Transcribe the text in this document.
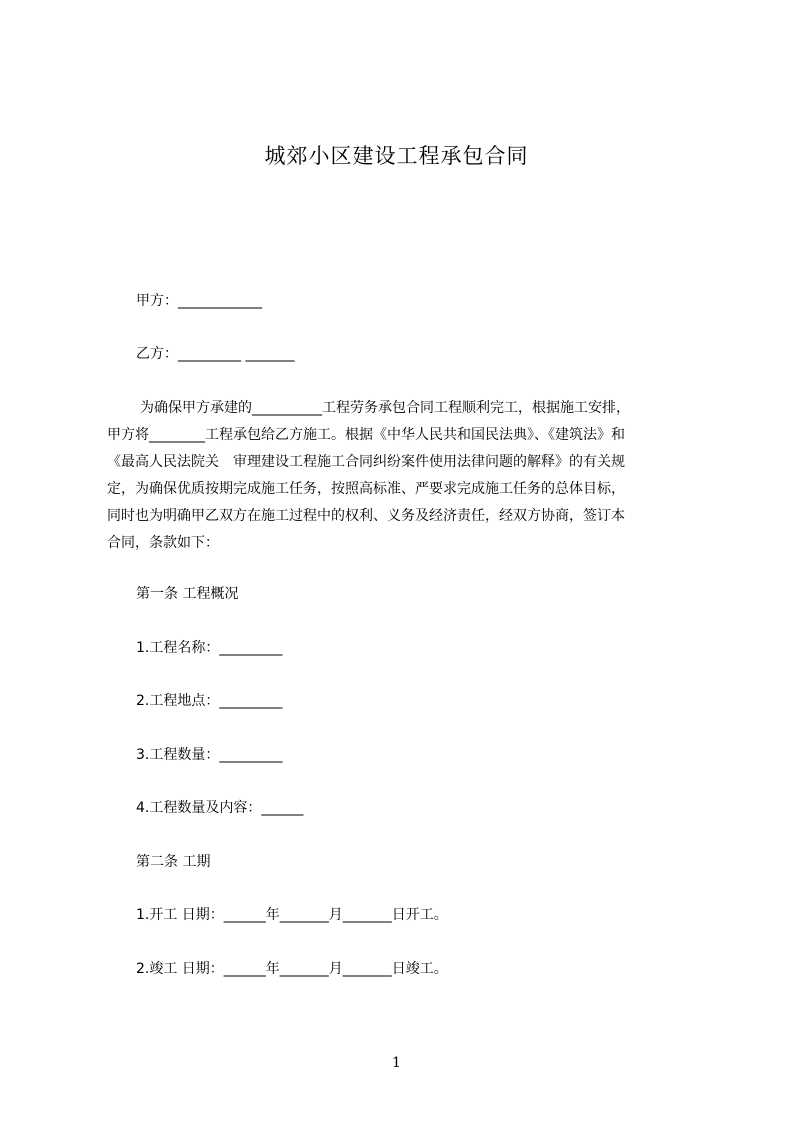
城郊小区建设工程承包合同
甲方：____________
乙方：_________ _______

为确保甲方承建的__________工程劳务承包合同工程顺利完工，根据施工安排，

甲方将________工程承包给乙方施工。根据《中华人民共和国民法典》、《建筑法》和

《最高人民法院关　审理建设工程施工合同纠纷案件使用法律问题的解释》的有关规

定，为确保优质按期完成施工任务，按照高标准、严要求完成施工任务的总体目标，

同时也为明确甲乙双方在施工过程中的权利、义务及经济责任，经双方协商，签订本

合同，条款如下：

第一条 工程概况
1.工程名称：_________
2.工程地点：_________
3.工程数量：_________
4.工程数量及内容：______
第二条 工期
1.开工 日期：______年_______月_______日开工。
2.竣工 日期：______年_______月_______日竣工。
1
